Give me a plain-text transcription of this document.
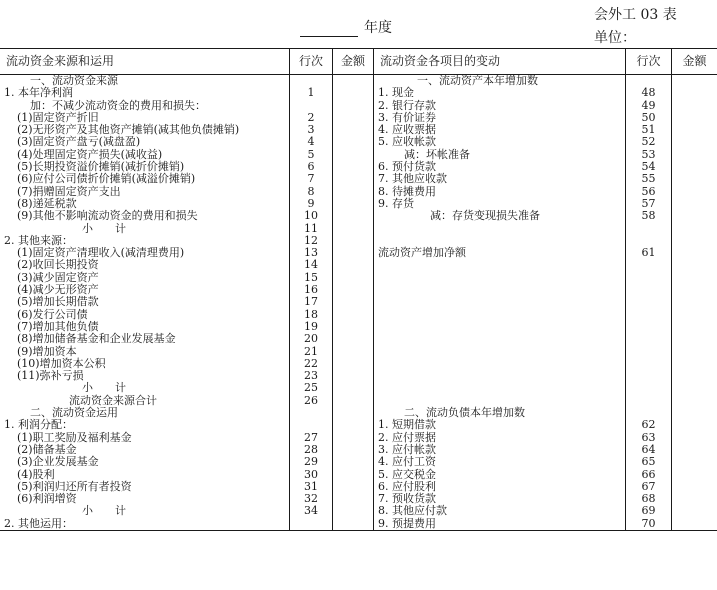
会外工 03 表
年度
单位：
流动资金来源和运用	行次	金额	流动资金各项目的变动	行次	金额
一、流动资金来源			一、流动资产本年增加数		
1. 本年净利润	1		1. 现金	48	
加：不减少流动资金的费用和损失：			2. 银行存款	49	
(1)固定资产折旧	2		3. 有价证券	50	
(2)无形资产及其他资产摊销(减其他负债摊销)	3		4. 应收票据	51	
(3)固定资产盘亏(减盘盈)	4		5. 应收帐款	52	
(4)处理固定资产损失(减收益)	5		减：坏帐准备	53	
(5)长期投资溢价摊销(减折价摊销)	6		6. 预付货款	54	
(6)应付公司债折价摊销(减溢价摊销)	7		7. 其他应收款	55	
(7)捐赠固定资产支出	8		8. 待摊费用	56	
(8)递延税款	9		9. 存货	57	
(9)其他不影响流动资金的费用和损失	10		减：存货变现损失准备	58	
小　　计	11				
2. 其他来源：	12				
(1)固定资产清理收入(减清理费用)	13		流动资产增加净额	61	
(2)收回长期投资	14				
(3)减少固定资产	15				
(4)减少无形资产	16				
(5)增加长期借款	17				
(6)发行公司债	18				
(7)增加其他负债	19				
(8)增加储备基金和企业发展基金	20				
(9)增加资本	21				
(10)增加资本公积	22				
(11)弥补亏损	23				
小　　计	25				
流动资金来源合计	26				
二、流动资金运用			二、流动负债本年增加数		
1. 利润分配：			1. 短期借款	62	
(1)职工奖励及福利基金	27		2. 应付票据	63	
(2)储备基金	28		3. 应付帐款	64	
(3)企业发展基金	29		4. 应付工资	65	
(4)股利	30		5. 应交税金	66	
(5)利润归还所有者投资	31		6. 应付股利	67	
(6)利润增资	32		7. 预收货款	68	
小　　计	34		8. 其他应付款	69	
2. 其他运用：			9. 预提费用	70	
